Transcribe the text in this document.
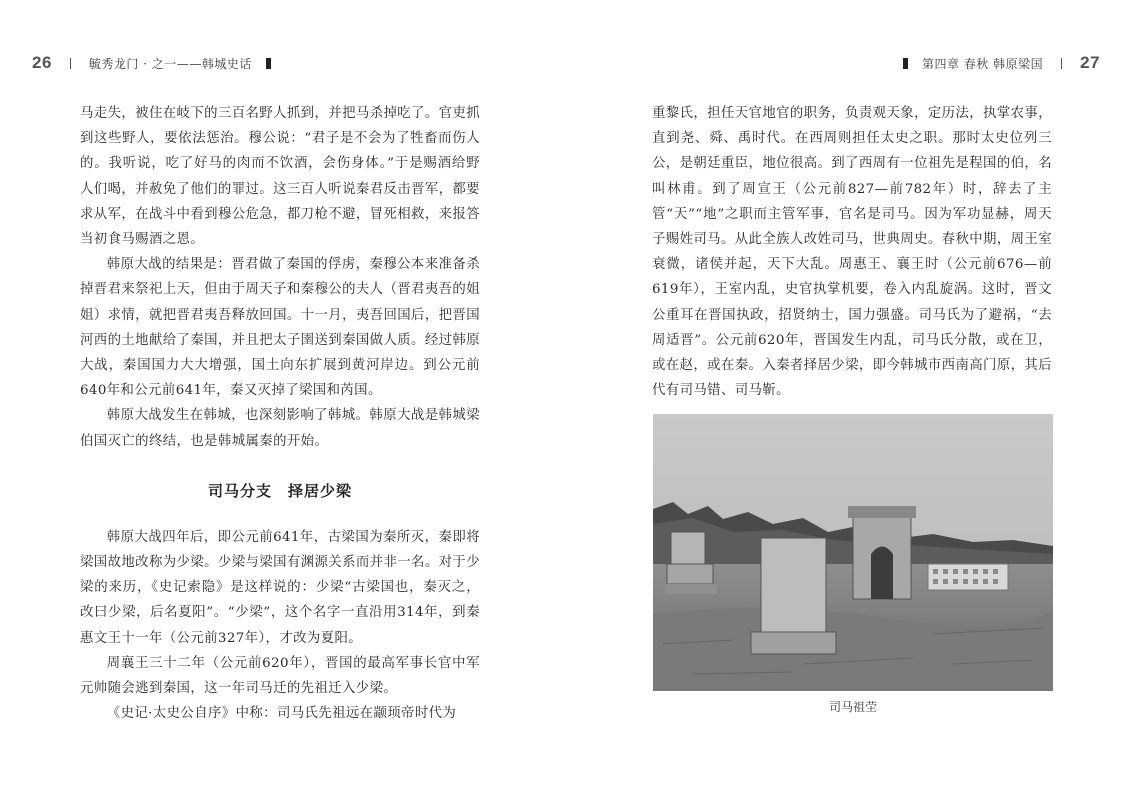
26	毓秀龙门 · 之一——韩城史话

马走失，被住在岐下的三百名野人抓到，并把马杀掉吃了。官吏抓到这些野人，要依法惩治。穆公说：“君子是不会为了牲畜而伤人的。我听说，吃了好马的肉而不饮酒，会伤身体。”于是赐酒给野人们喝，并赦免了他们的罪过。这三百人听说秦君反击晋军，都要求从军，在战斗中看到穆公危急，都刀枪不避，冒死相救，来报答当初食马赐酒之恩。

韩原大战的结果是：晋君做了秦国的俘虏，秦穆公本来准备杀掉晋君来祭祀上天，但由于周天子和秦穆公的夫人（晋君夷吾的姐姐）求情，就把晋君夷吾释放回国。十一月，夷吾回国后，把晋国河西的土地献给了秦国，并且把太子圉送到秦国做人质。经过韩原大战，秦国国力大大增强，国土向东扩展到黄河岸边。到公元前640年和公元前641年，秦又灭掉了梁国和芮国。

韩原大战发生在韩城，也深刻影响了韩城。韩原大战是韩城梁伯国灭亡的终结，也是韩城属秦的开始。

司马分支 择居少梁

韩原大战四年后，即公元前641年，古梁国为秦所灭，秦即将梁国故地改称为少梁。少梁与梁国有渊源关系而并非一名。对于少梁的来历，《史记索隐》是这样说的：少梁“古梁国也，秦灭之，改曰少梁，后名夏阳”。“少梁”，这个名字一直沿用314年，到秦惠文王十一年（公元前327年），才改为夏阳。

周襄王三十二年（公元前620年），晋国的最高军事长官中军元帅随会逃到秦国，这一年司马迁的先祖迁入少梁。

《史记·太史公自序》中称：司马氏先祖远在颛顼帝时代为

第四章 春秋 韩原梁国 27

重黎氏，担任天官地官的职务，负责观天象，定历法，执掌农事，直到尧、舜、禹时代。在西周则担任太史之职。那时太史位列三公，是朝廷重臣，地位很高。到了西周有一位祖先是程国的伯，名叫林甫。到了周宣王（公元前827—前782年）时，辞去了主管“天”“地”之职而主管军事，官名是司马。因为军功显赫，周天子赐姓司马。从此全族人改姓司马，世典周史。春秋中期，周王室衰微，诸侯并起，天下大乱。周惠王、襄王时（公元前676—前619年），王室内乱，史官执掌机要，卷入内乱旋涡。这时，晋文公重耳在晋国执政，招贤纳士，国力强盛。司马氏为了避祸，“去周适晋”。公元前620年，晋国发生内乱，司马氏分散，或在卫，或在赵，或在秦。入秦者择居少梁，即今韩城市西南高门原，其后代有司马错、司马靳。

司马祖茔
